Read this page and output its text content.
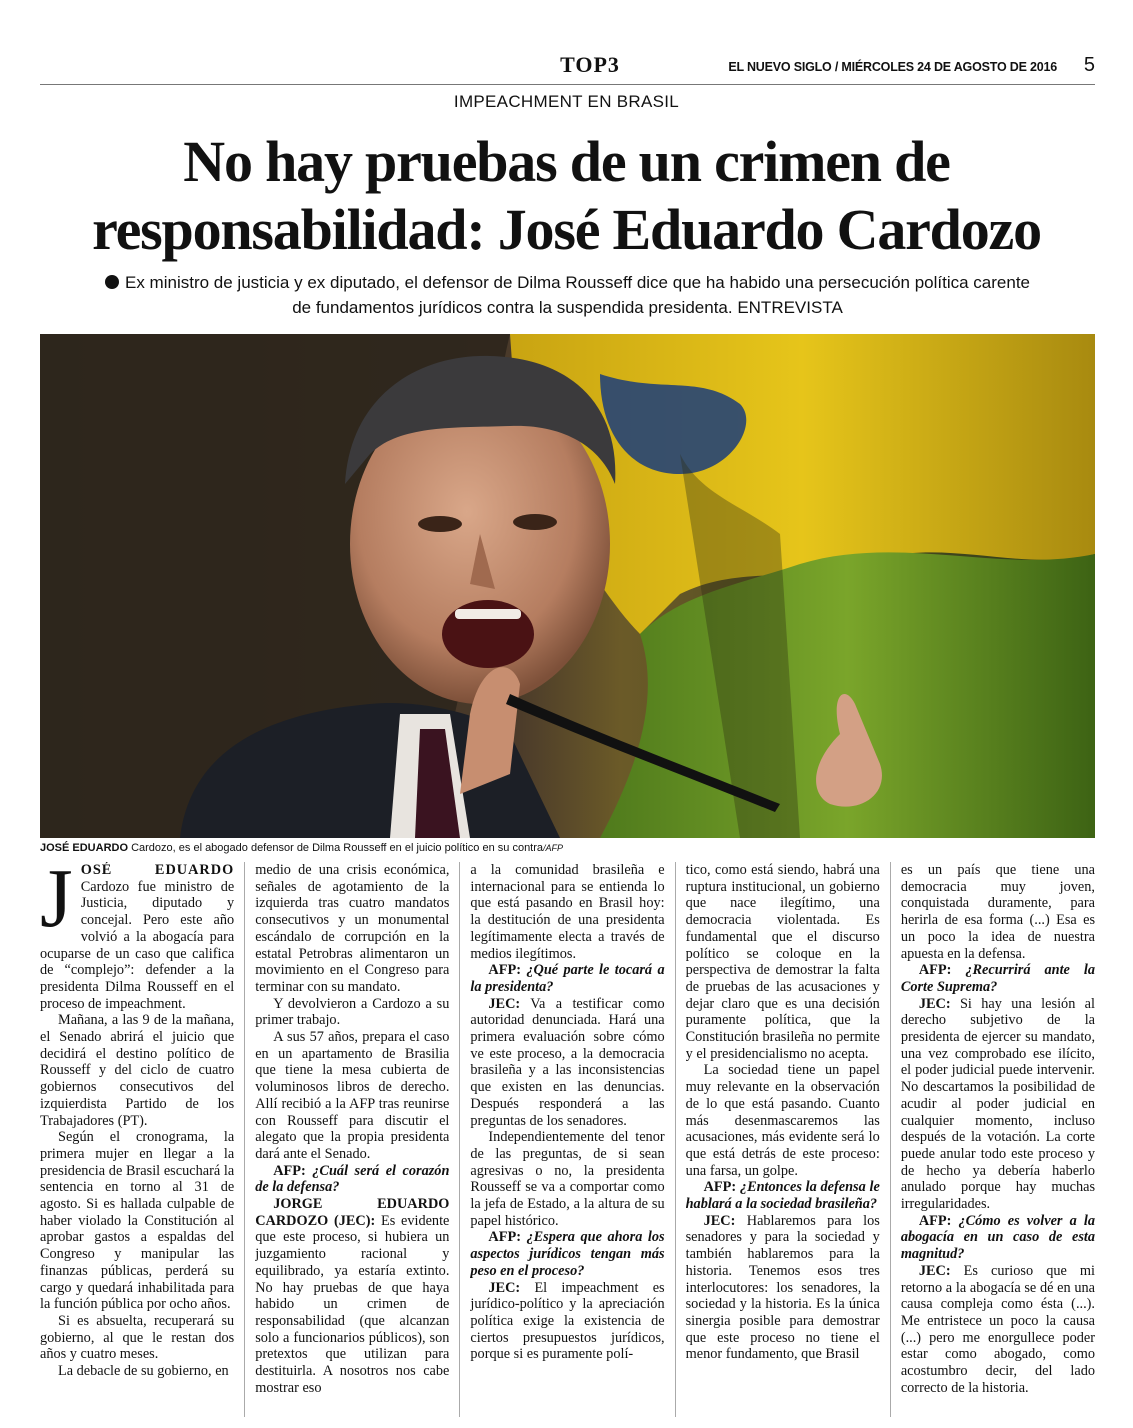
TOP3	EL NUEVO SIGLO / MIÉRCOLES 24 DE AGOSTO DE 2016 5
IMPEACHMENT EN BRASIL
No hay pruebas de un crimen de
responsabilidad: José Eduardo Cardozo
Ex ministro de justicia y ex diputado, el defensor de Dilma Rousseff dice que ha habido una persecución política carente
de fundamentos jurídicos contra la suspendida presidenta. ENTREVISTA
JOSÉ EDUARDO Cardozo, es el abogado defensor de Dilma Rousseff en el juicio político en su contra/AFP

JOSÉ EDUARDO Cardozo fue ministro de Justicia, diputado y concejal. Pero este año volvió a la abogacía para ocuparse de un caso que califica de “complejo”: defender a la presidenta Dilma Rousseff en el proceso de impeachment.

Mañana, a las 9 de la mañana, el Senado abrirá el juicio que decidirá el destino político de Rousseff y del ciclo de cuatro gobiernos consecutivos del izquierdista Partido de los Trabajadores (PT).

Según el cronograma, la primera mujer en llegar a la presidencia de Brasil escuchará la sentencia en torno al 31 de agosto. Si es hallada culpable de haber violado la Constitución al aprobar gastos a espaldas del Congreso y manipular las finanzas públicas, perderá su cargo y quedará inhabilitada para la función pública por ocho años.

Si es absuelta, recuperará su gobierno, al que le restan dos años y cuatro meses.

La debacle de su gobierno, en

medio de una crisis económica, señales de agotamiento de la izquierda tras cuatro mandatos consecutivos y un monumental escándalo de corrupción en la estatal Petrobras alimentaron un movimiento en el Congreso para terminar con su mandato.

Y devolvieron a Cardozo a su primer trabajo.

A sus 57 años, prepara el caso en un apartamento de Brasilia que tiene la mesa cubierta de voluminosos libros de derecho. Allí recibió a la AFP tras reunirse con Rousseff para discutir el alegato que la propia presidenta dará ante el Senado.

AFP: ¿Cuál será el corazón de la defensa?

JORGE EDUARDO CARDOZO (JEC): Es evidente que este proceso, si hubiera un juzgamiento racional y equilibrado, ya estaría extinto. No hay pruebas de que haya habido un crimen de responsabilidad (que alcanzan solo a funcionarios públicos), son pretextos que utilizan para destituirla. A nosotros nos cabe mostrar eso

a la comunidad brasileña e internacional para se entienda lo que está pasando en Brasil hoy: la destitución de una presidenta legítimamente electa a través de medios ilegítimos.

AFP: ¿Qué parte le tocará a la presidenta?

JEC: Va a testificar como autoridad denunciada. Hará una primera evaluación sobre cómo ve este proceso, a la democracia brasileña y a las inconsistencias que existen en las denuncias. Después responderá a las preguntas de los senadores.

Independientemente del tenor de las preguntas, de si sean agresivas o no, la presidenta Rousseff se va a comportar como la jefa de Estado, a la altura de su papel histórico.

AFP: ¿Espera que ahora los aspectos jurídicos tengan más peso en el proceso?

JEC: El impeachment es jurídico-político y la apreciación política exige la existencia de ciertos presupuestos jurídicos, porque si es puramente polí-

tico, como está siendo, habrá una ruptura institucional, un gobierno que nace ilegítimo, una democracia violentada. Es fundamental que el discurso político se coloque en la perspectiva de demostrar la falta de pruebas de las acusaciones y dejar claro que es una decisión puramente política, que la Constitución brasileña no permite y el presidencialismo no acepta.

La sociedad tiene un papel muy relevante en la observación de lo que está pasando. Cuanto más desenmascaremos las acusaciones, más evidente será lo que está detrás de este proceso: una farsa, un golpe.

AFP: ¿Entonces la defensa le hablará a la sociedad brasileña?

JEC: Hablaremos para los senadores y para la sociedad y también hablaremos para la historia. Tenemos esos tres interlocutores: los senadores, la sociedad y la historia. Es la única sinergia posible para demostrar que este proceso no tiene el menor fundamento, que Brasil

es un país que tiene una democracia muy joven, conquistada duramente, para herirla de esa forma (...) Esa es un poco la idea de nuestra apuesta en la defensa.

AFP: ¿Recurrirá ante la Corte Suprema?

JEC: Si hay una lesión al derecho subjetivo de la presidenta de ejercer su mandato, una vez comprobado ese ilícito, el poder judicial puede intervenir. No descartamos la posibilidad de acudir al poder judicial en cualquier momento, incluso después de la votación. La corte puede anular todo este proceso y de hecho ya debería haberlo anulado porque hay muchas irregularidades.

AFP: ¿Cómo es volver a la abogacía en un caso de esta magnitud?

JEC: Es curioso que mi retorno a la abogacía se dé en una causa compleja como ésta (...). Me entristece un poco la causa (...) pero me enorgullece poder estar como abogado, como acostumbro decir, del lado correcto de la historia.
